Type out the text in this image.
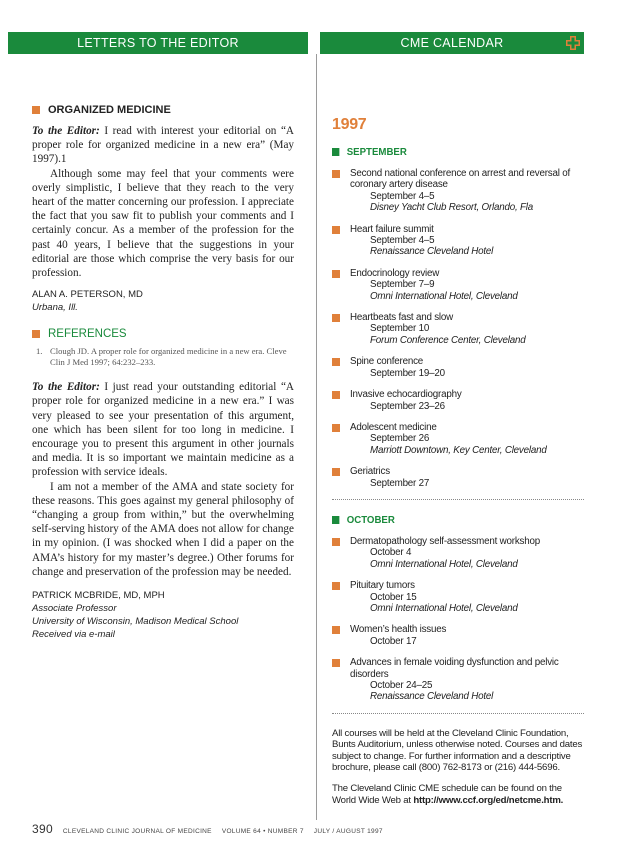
LETTERS TO THE EDITOR	CME CALENDAR
ORGANIZED MEDICINE

To the Editor: I read with interest your editorial on “A proper role for organized medicine in a new era” (May 1997).1

Although some may feel that your comments were overly simplistic, I believe that they reach to the very heart of the matter concerning our profession. I appreciate the fact that you saw fit to publish your comments and I certainly concur. As a member of the profession for the past 40 years, I believe that the suggestions in your editorial are those which comprise the very basis for our profession.

ALAN A. PETERSON, MD
Urbana, Ill.
REFERENCES
1. Clough JD. A proper role for organized medicine in a new era. Cleve Clin J Med 1997; 64:232–233.

To the Editor: I just read your outstanding editorial “A proper role for organized medicine in a new era.” I was very pleased to see your presentation of this argument, one which has been silent for too long in medicine. I encourage you to present this argument in other journals and media. It is so important we maintain medicine as a profession with service ideals.

I am not a member of the AMA and state society for these reasons. This goes against my general philosophy of “changing a group from within,” but the overwhelming self-serving history of the AMA does not allow for change in my opinion. (I was shocked when I did a paper on the AMA’s history for my master’s degree.) Other forums for change and preservation of the profession may be needed.

PATRICK MCBRIDE, MD, MPH
Associate Professor
University of Wisconsin, Madison Medical School
Received via e-mail
1997
SEPTEMBER
Second national conference on arrest and reversal of coronary artery disease
September 4–5
Disney Yacht Club Resort, Orlando, Fla
Heart failure summit
September 4–5
Renaissance Cleveland Hotel
Endocrinology review
September 7–9
Omni International Hotel, Cleveland
Heartbeats fast and slow
September 10
Forum Conference Center, Cleveland
Spine conference
September 19–20
Invasive echocardiography
September 23–26
Adolescent medicine
September 26
Marriott Downtown, Key Center, Cleveland
Geriatrics
September 27
OCTOBER
Dermatopathology self-assessment workshop
October 4
Omni International Hotel, Cleveland
Pituitary tumors
October 15
Omni International Hotel, Cleveland
Women’s health issues
October 17
Advances in female voiding dysfunction and pelvic disorders
October 24–25
Renaissance Cleveland Hotel

All courses will be held at the Cleveland Clinic Foundation, Bunts Auditorium, unless otherwise noted. Courses and dates subject to change. For further information and a descriptive brochure, please call (800) 762-8173 or (216) 444-5696.

The Cleveland Clinic CME schedule can be found on the World Wide Web at http://www.ccf.org/ed/netcme.htm.

390 CLEVELAND CLINIC JOURNAL OF MEDICINE VOLUME 64 • NUMBER 7 JULY / AUGUST 1997
